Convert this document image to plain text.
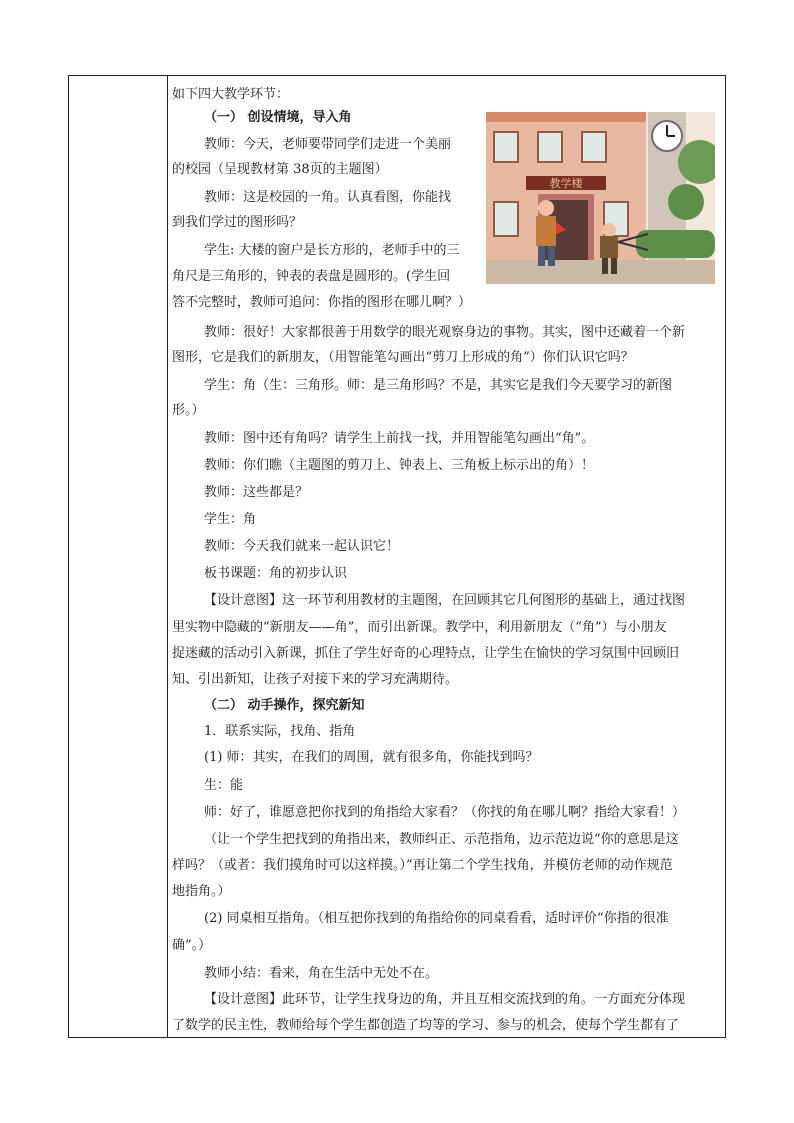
如下四大教学环节：
（一） 创设情境，导入角
教师：今天，老师要带同学们走进一个美丽
的校园（呈现教材第 38页的主题图）
教师：这是校园的一角。认真看图，你能找
到我们学过的图形吗？
学生: 大楼的窗户是长方形的，老师手中的三
角尺是三角形的，钟表的表盘是圆形的。(学生回
答不完整时，教师可追问：你指的图形在哪儿啊？）
教师：很好！大家都很善于用数学的眼光观察身边的事物。其实，图中还藏着一个新
图形，它是我们的新朋友，（用智能笔勾画出“剪刀上形成的角”）你们认识它吗？
学生：角（生：三角形。师：是三角形吗？不是，其实它是我们今天要学习的新图
形。）
教师：图中还有角吗？请学生上前找一找，并用智能笔勾画出“角”。
教师：你们瞧（主题图的剪刀上、钟表上、三角板上标示出的角）！
教师：这些都是？
学生：角
教师：今天我们就来一起认识它！
板书课题：角的初步认识
【设计意图】这一环节利用教材的主题图，在回顾其它几何图形的基础上，通过找图
里实物中隐藏的“新朋友——角”，而引出新课。教学中，利用新朋友（“角”）与小朋友
捉迷藏的活动引入新课，抓住了学生好奇的心理特点，让学生在愉快的学习氛围中回顾旧
知、引出新知，让孩子对接下来的学习充满期待。
（二） 动手操作，探究新知
1．联系实际，找角、指角
(1) 师：其实，在我们的周围，就有很多角，你能找到吗？
生：能
师：好了，谁愿意把你找到的角指给大家看？（你找的角在哪儿啊？指给大家看！）
（让一个学生把找到的角指出来，教师纠正、示范指角，边示范边说“你的意思是这
样吗？（或者：我们摸角时可以这样摸。）”再让第二个学生找角，并模仿老师的动作规范
地指角。）
(2) 同桌相互指角。（相互把你找到的角指给你的同桌看看，适时评价“你指的很准
确”。）
教师小结：看来，角在生活中无处不在。
【设计意图】此环节，让学生找身边的角，并且互相交流找到的角。一方面充分体现
了数学的民主性，教师给每个学生都创造了均等的学习、参与的机会，使每个学生都有了
教学楼
